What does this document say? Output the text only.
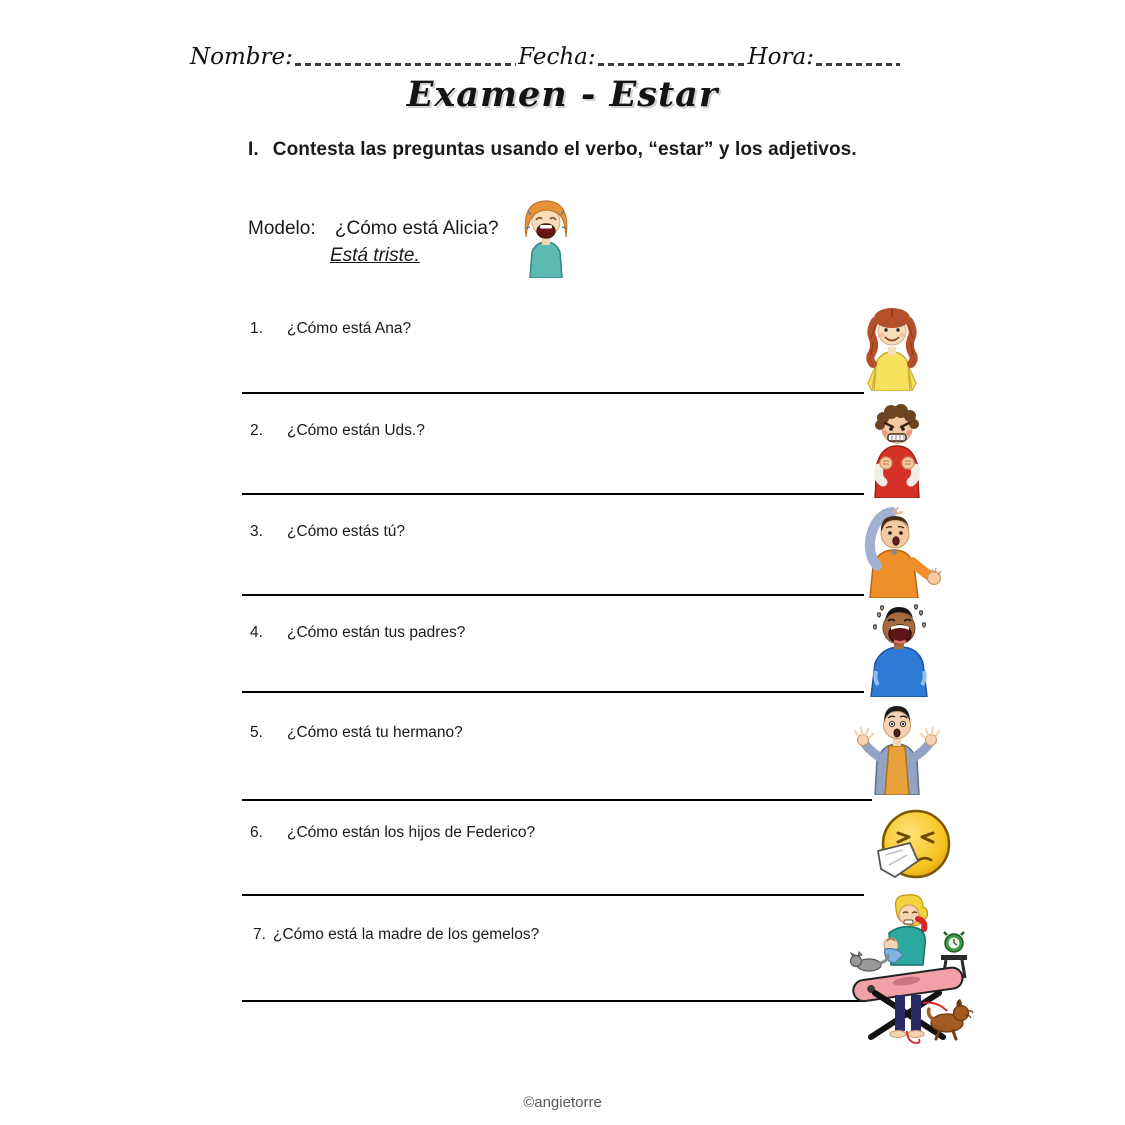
Nombre:	Fecha:	Hora:
Examen - Estar
I. Contesta las preguntas usando el verbo, “estar” y los adjetivos.
Modelo: ¿Cómo está Alicia?
Está triste.
1.	¿Cómo está Ana?
2.	¿Cómo están Uds.?
3.	¿Cómo estás tú?
4.	¿Cómo están tus padres?
5.	¿Cómo está tu hermano?
6.	¿Cómo están los hijos de Federico?
7. ¿Cómo está la madre de los gemelos?
©angietorre
